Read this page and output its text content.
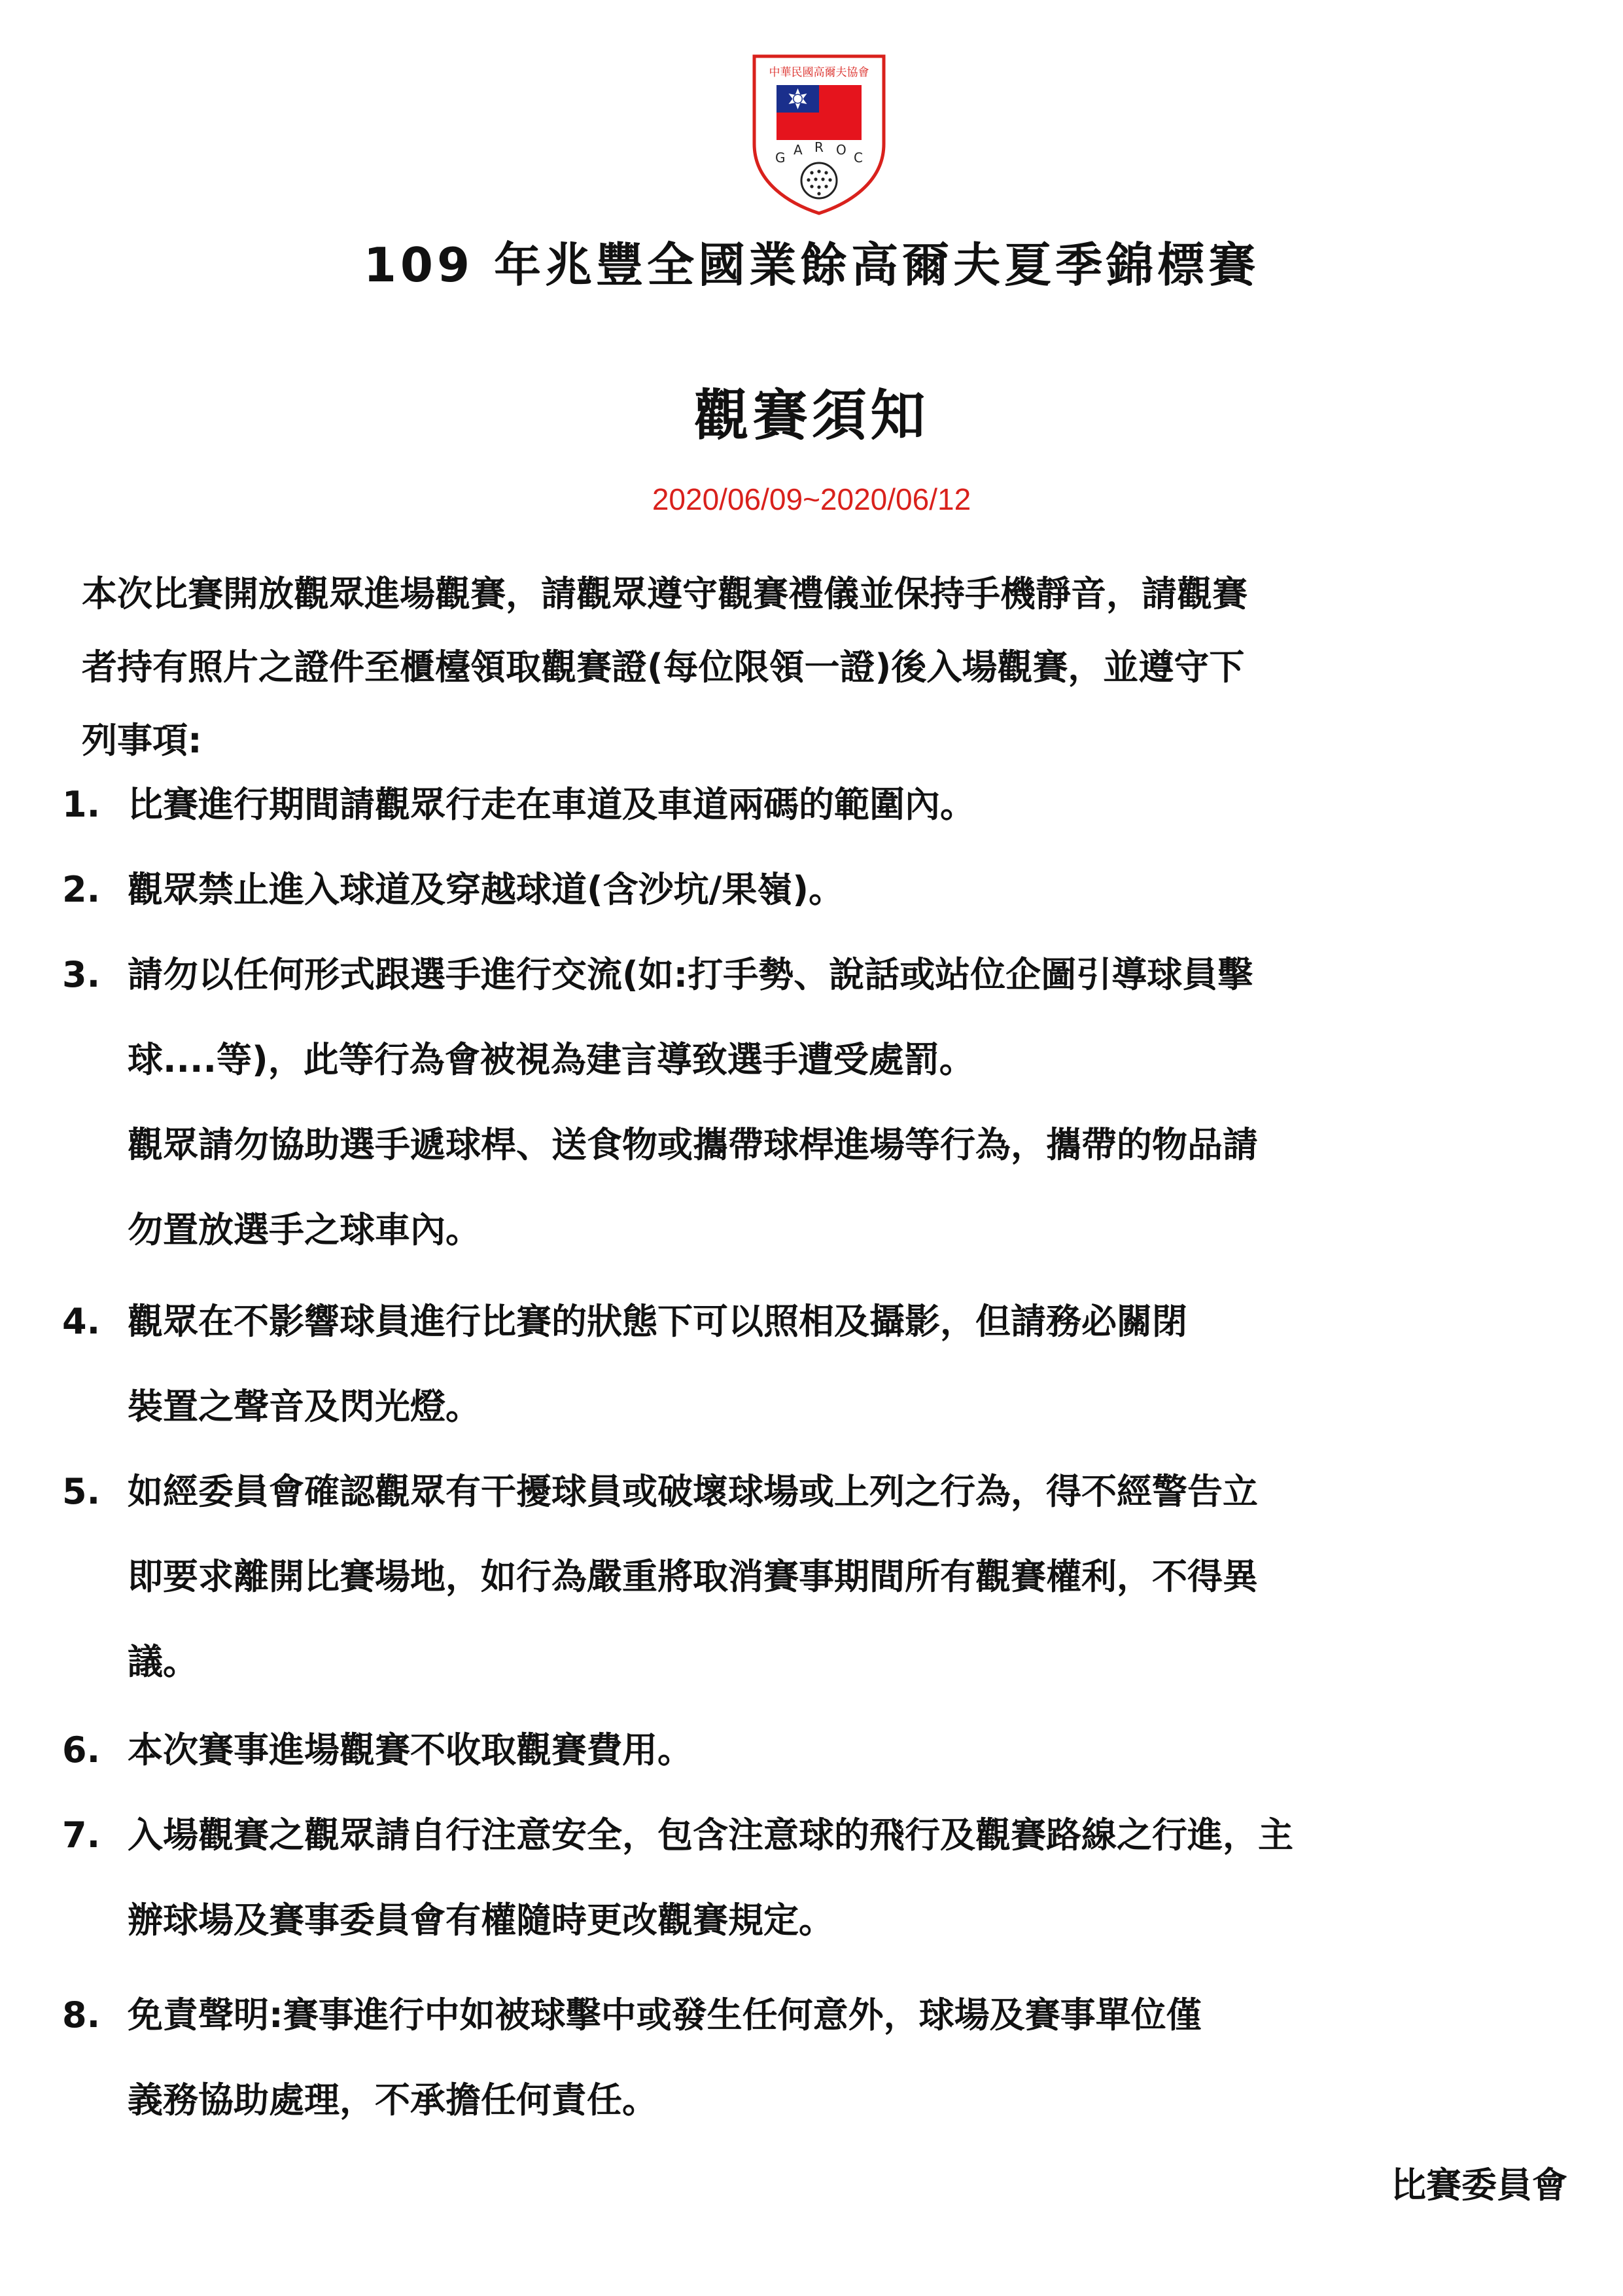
中華民國高爾夫協會
G A R O C
109 年兆豐全國業餘高爾夫夏季錦標賽
觀賽須知
2020/06/09~2020/06/12
本次比賽開放觀眾進場觀賽，請觀眾遵守觀賽禮儀並保持手機靜音，請觀賽
者持有照片之證件至櫃檯領取觀賽證(每位限領一證)後入場觀賽，並遵守下
列事項:
1. 比賽進行期間請觀眾行走在車道及車道兩碼的範圍內。
2. 觀眾禁止進入球道及穿越球道(含沙坑/果嶺)。
3. 請勿以任何形式跟選手進行交流(如:打手勢、說話或站位企圖引導球員擊
球....等)，此等行為會被視為建言導致選手遭受處罰。
觀眾請勿協助選手遞球桿、送食物或攜帶球桿進場等行為，攜帶的物品請
勿置放選手之球車內。
4. 觀眾在不影響球員進行比賽的狀態下可以照相及攝影，但請務必關閉
裝置之聲音及閃光燈。
5. 如經委員會確認觀眾有干擾球員或破壞球場或上列之行為，得不經警告立
即要求離開比賽場地，如行為嚴重將取消賽事期間所有觀賽權利，不得異
議。
6. 本次賽事進場觀賽不收取觀賽費用。
7. 入場觀賽之觀眾請自行注意安全，包含注意球的飛行及觀賽路線之行進，主
辦球場及賽事委員會有權隨時更改觀賽規定。
8. 免責聲明:賽事進行中如被球擊中或發生任何意外，球場及賽事單位僅
義務協助處理，不承擔任何責任。
比賽委員會
